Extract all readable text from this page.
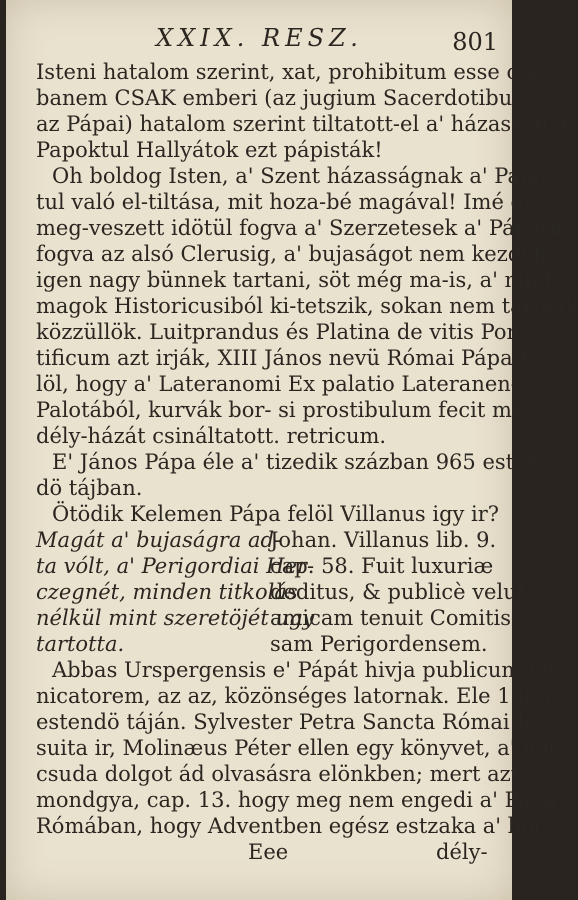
XXIX. RESZ.	801
Isteni hatalom szerint, xat, prohibitum esse con-
banem CSAK emberi (az jugium Sacerdotibus.
az Pápai) hatalom szerint tiltatott-el a' házasság a'
Papoktul Hallyátok ezt pápisták!
Oh boldog Isten, a' Szent házasságnak a' Papok-
tul való el-tiltása, mit hoza-bé magával! Imé ez
meg-veszett idötül fogva a' Szerzetesek a' Pápátul
fogva az alsó Clerusig, a' bujaságot nem kezdék
igen nagy bünnek tartani, söt még ma-is, a' mint
magok Historicusiból ki-tetszik, sokan nem tartyák
közzüllök. Luitprandus és Platina de vitis Pon-
tificum azt irják, XIII János nevü Római Pápa fe-
löl, hogy a' Lateranomi Ex palatio Lateranen-
Palotából, kurvák bor- si prostibulum fecit me-
dély-házát csináltatott. retricum.
E' János Pápa éle a' tizedik százban 965 esten-
dö tájban.
Ötödik Kelemen Pápa felöl Villanus igy ir?
Magát a' bujaságra ad-
Johan. Villanus lib. 9.
ta vólt, a' Perigordiai Her-
cap. 58. Fuit luxuriæ
czegnét, minden titkolás
deditus, & publicè velut
nélkül mint szeretöjét ugy
amicam tenuit Comitis-
tartotta.	sam Perigordensem.
Abbas Urspergensis e' Pápát hivja publicum for-
nicatorem, az az, közönséges latornak. Ele 1305
estendö táján. Sylvester Petra Sancta Római Jé-
suita ir, Molinæus Péter ellen egy könyvet, a' hol
csuda dolgot ád olvasásra elönkben; mert azt
mondgya, cap. 13. hogy meg nem engedi a' Pápa
Rómában, hogy Adventben egész estzaka a' bor-
Eee	dély-
